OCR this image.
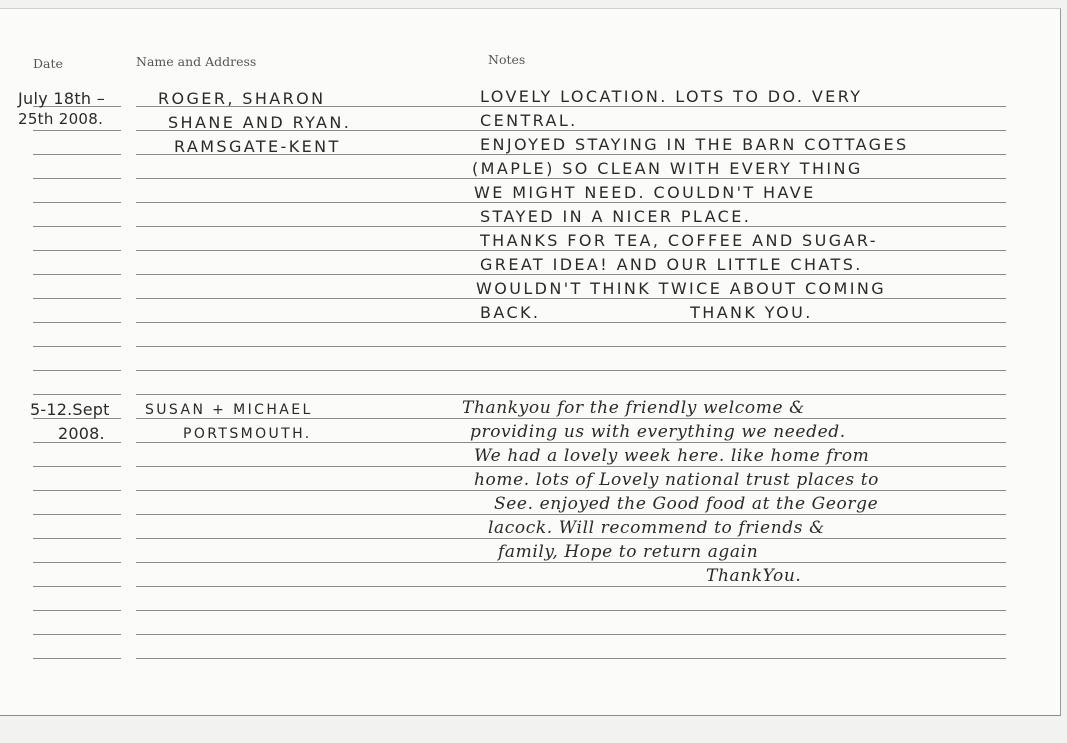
Date	Name and Address	Notes
July 18th –
25th 2008.
ROGER, SHARON
SHANE AND RYAN.
RAMSGATE-KENT
LOVELY LOCATION. LOTS TO DO. VERY
CENTRAL.
ENJOYED STAYING IN THE BARN COTTAGES
(MAPLE) SO CLEAN WITH EVERY THING
WE MIGHT NEED. COULDN'T HAVE
STAYED IN A NICER PLACE.
THANKS FOR TEA, COFFEE AND SUGAR-
GREAT IDEA! AND OUR LITTLE CHATS.
WOULDN'T THINK TWICE ABOUT COMING
BACK.                    THANK YOU.
5-12.Sept
2008.
SUSAN + MICHAEL
PORTSMOUTH.
Thankyou for the friendly welcome &
providing us with everything we needed.
We had a lovely week here. like home from
home. lots of Lovely national trust places to
See. enjoyed the Good food at the George
lacock. Will recommend to friends &
family, Hope to return again
ThankYou.
